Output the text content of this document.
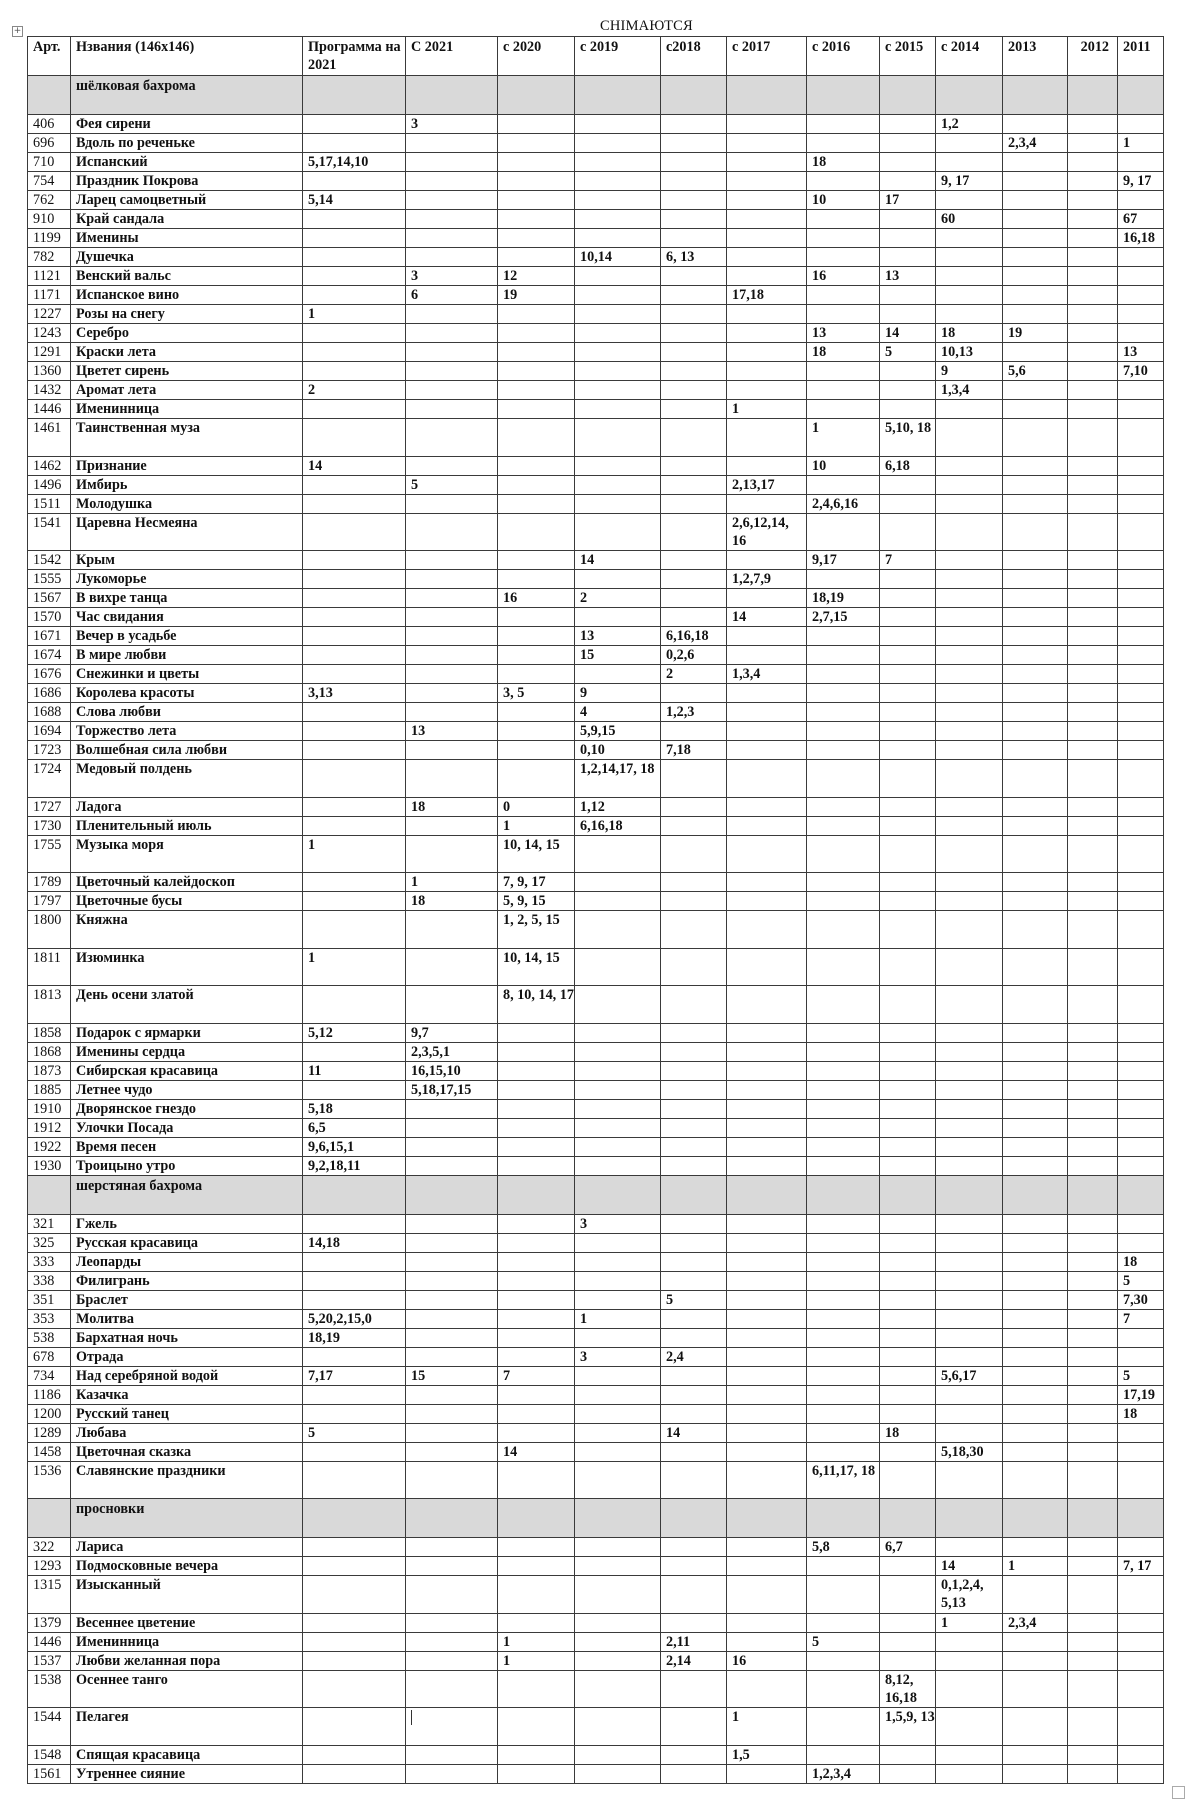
+	СНIМАЮТСЯ
Арт.	Нзвания (146х146)	Программа на 2021	С 2021	с 2020	с 2019	с2018	с 2017	с 2016	с 2015	с 2014	2013	2012	2011
	шёлковая бахрома												
406	Фея сирени		3							1,2			
696	Вдоль по реченьке										2,3,4		1
710	Испанский	5,17,14,10						18					
754	Праздник Покрова									9, 17			9, 17
762	Ларец самоцветный	5,14						10	17				
910	Край сандала									60			67
1199	Именины												16,18
782	Душечка				10,14	6, 13							
1121	Венский вальс		3	12				16	13				
1171	Испанское вино		6	19			17,18						
1227	Розы на снегу	1											
1243	Серебро							13	14	18	19		
1291	Краски лета							18	5	10,13			13
1360	Цветет сирень									9	5,6		7,10
1432	Аромат лета	2								1,3,4			
1446	Именинница						1						
1461	Таинственная муза							1	5,10, 18				
1462	Признание	14						10	6,18				
1496	Имбирь		5				2,13,17						
1511	Молодушка							2,4,6,16					
1541	Царевна Несмеяна						2,6,12,14, 16						
1542	Крым				14			9,17	7				
1555	Лукоморье						1,2,7,9						
1567	В вихре танца			16	2			18,19					
1570	Час свидания						14	2,7,15					
1671	Вечер в усадьбе				13	6,16,18							
1674	В мире любви				15	0,2,6							
1676	Снежинки и цветы					2	1,3,4						
1686	Королева красоты	3,13		3, 5	9								
1688	Слова любви				4	1,2,3							
1694	Торжество лета		13		5,9,15								
1723	Волшебная сила любви				0,10	7,18							
1724	Медовый полдень				1,2,14,17, 18								
1727	Ладога		18	0	1,12								
1730	Пленительный июль			1	6,16,18								
1755	Музыка моря	1		10, 14, 15									
1789	Цветочный калейдоскоп		1	7, 9, 17									
1797	Цветочные бусы		18	5, 9, 15									
1800	Княжна			1, 2, 5, 15									
1811	Изюминка	1		10, 14, 15									
1813	День осени златой			8, 10, 14, 17									
1858	Подарок с ярмарки	5,12	9,7										
1868	Именины сердца		2,3,5,1										
1873	Сибирская красавица	11	16,15,10										
1885	Летнее чудо		5,18,17,15										
1910	Дворянское гнездо	5,18											
1912	Улочки Посада	6,5											
1922	Время песен	9,6,15,1											
1930	Троицыно утро	9,2,18,11											
	шерстяная бахрома												
321	Гжель				3								
325	Русская красавица	14,18											
333	Леопарды												18
338	Филигрань												5
351	Браслет					5							7,30
353	Молитва	5,20,2,15,0			1								7
538	Бархатная ночь	18,19											
678	Отрада				3	2,4							
734	Над серебряной водой	7,17	15	7						5,6,17			5
1186	Казачка												17,19
1200	Русский танец												18
1289	Любава	5				14			18				
1458	Цветочная сказка			14						5,18,30			
1536	Славянские праздники							6,11,17, 18					
	просновки												
322	Лариса							5,8	6,7				
1293	Подмосковные вечера									14	1		7, 17
1315	Изысканный									0,1,2,4, 5,13			
1379	Весеннее цветение									1	2,3,4		
1446	Именинница			1		2,11		5					
1537	Любви желанная пора			1		2,14	16						
1538	Осеннее танго								8,12, 16,18				
1544	Пелагея						1		1,5,9, 13				
1548	Спящая красавица						1,5						
1561	Утреннее сияние							1,2,3,4					
